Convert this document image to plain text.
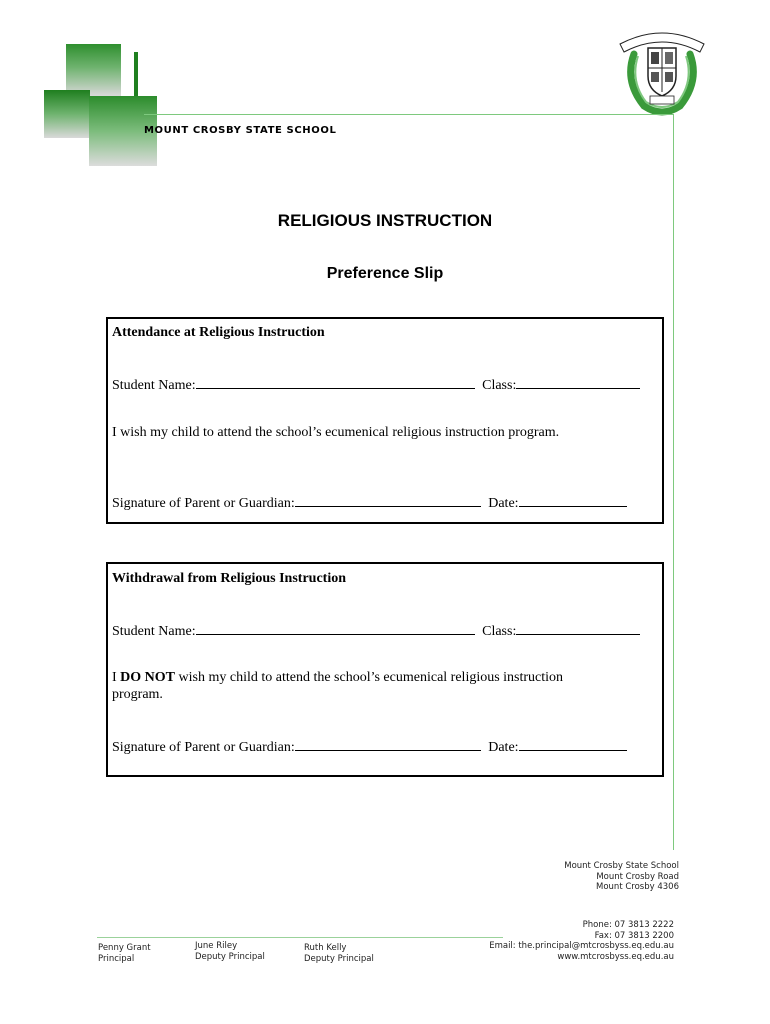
MOUNT CROSBY STATE SCHOOL
RELIGIOUS INSTRUCTION
Preference Slip
Attendance at Religious Instruction
Student Name:	Class:
I wish my child to attend the school’s ecumenical religious instruction program.
Signature of Parent or Guardian:	Date:
Withdrawal from Religious Instruction
Student Name:	Class:
I DO NOT wish my child to attend the school’s ecumenical religious instruction
program.
Signature of Parent or Guardian:	Date:
Mount Crosby State School
Mount Crosby Road
Mount Crosby 4306
Phone: 07 3813 2222
Fax: 07 3813 2200
Email: the.principal@mtcrosbyss.eq.edu.au
www.mtcrosbyss.eq.edu.au
Penny Grant
Principal
June Riley
Deputy Principal
Ruth Kelly
Deputy Principal
